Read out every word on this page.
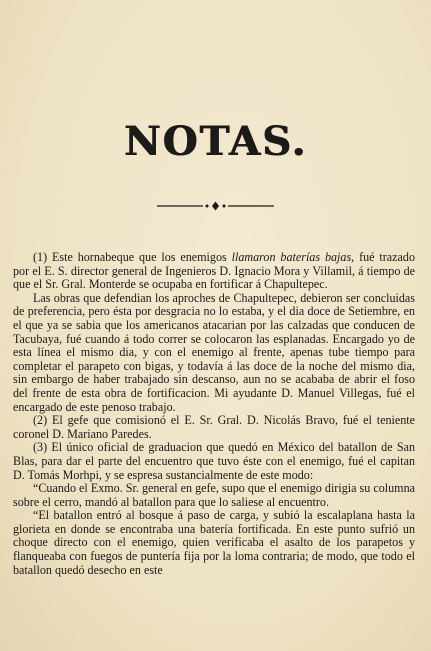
NOTAS.

(1) Este hornabeque que los enemigos llamaron baterías bajas, fué trazado por el E. S. director general de Ingenieros D. Ignacio Mora y Villamil, á tiempo de que el Sr. Gral. Monterde se ocupaba en fortificar á Chapultepec.

Las obras que defendian los aproches de Chapultepec, debieron ser concluidas de preferencia, pero ésta por desgracia no lo estaba, y el dia doce de Setiembre, en el que ya se sabia que los americanos atacarian por las calzadas que conducen de Tacubaya, fué cuando á todo correr se colocaron las esplanadas. Encargado yo de esta línea el mismo dia, y con el enemigo al frente, apenas tube tiempo para completar el parapeto con bigas, y todavía á las doce de la noche del mismo dia, sin embargo de haber trabajado sin descanso, aun no se acababa de abrir el foso del frente de esta obra de fortificacion. Mi ayudante D. Manuel Villegas, fué el encargado de este penoso trabajo.

(2) El gefe que comisionó el E. Sr. Gral. D. Nicolás Bravo, fué el teniente coronel D. Mariano Paredes.

(3) El único oficial de graduacion que quedó en México del batallon de San Blas, para dar el parte del encuentro que tuvo éste con el enemigo, fué el capitan D. Tomás Morhpi, y se espresa sustancialmente de este modo:

“Cuando el Exmo. Sr. general en gefe, supo que el enemigo dirigia su columna sobre el cerro, mandó al batallon para que lo saliese al encuentro.

“El batallon entró al bosque á paso de carga, y subió la escalaplana hasta la glorieta en donde se encontraba una batería fortificada. En este punto sufrió un choque directo con el enemigo, quien verificaba el asalto de los parapetos y flanqueaba con fuegos de puntería fija por la loma contraria; de modo, que todo el batallon quedó desecho en este
